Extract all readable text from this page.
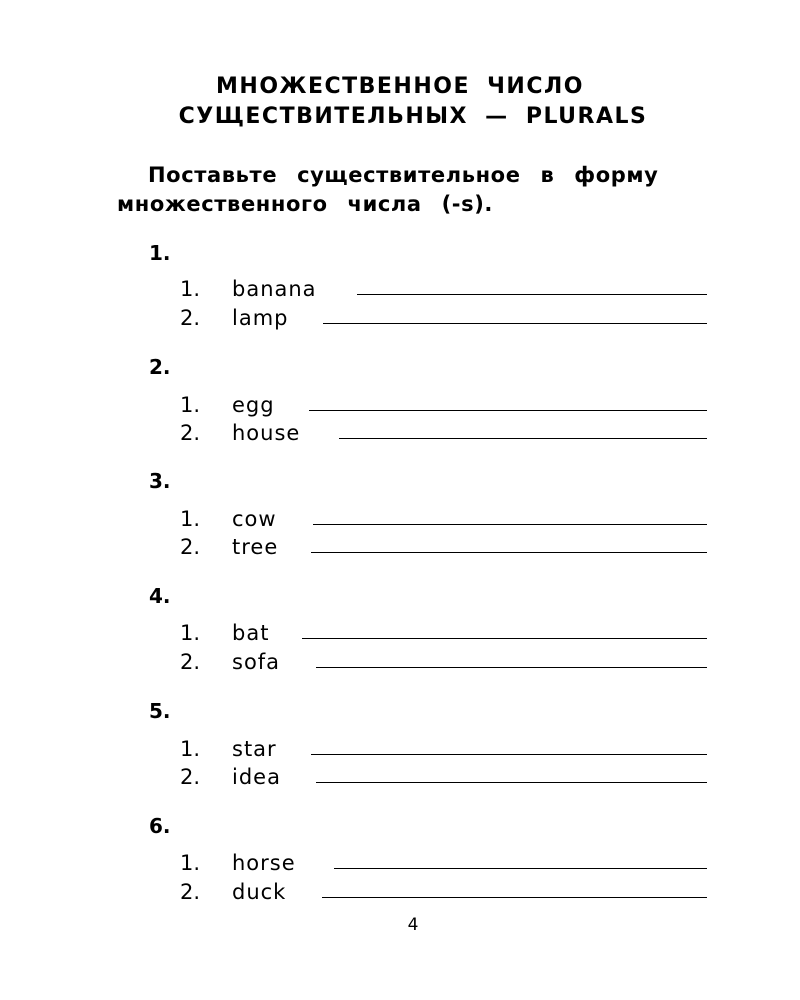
МНОЖЕСТВЕННОЕ ЧИСЛО
СУЩЕСТВИТЕЛЬНЫХ — PLURALS
Поставьте существительное в форму
множественного числа (-s).
1.
1. banana
2. lamp
2.
1. egg
2. house
3.
1. cow
2. tree
4.
1. bat
2. sofa
5.
1. star
2. idea
6.
1. horse
2. duck
4
